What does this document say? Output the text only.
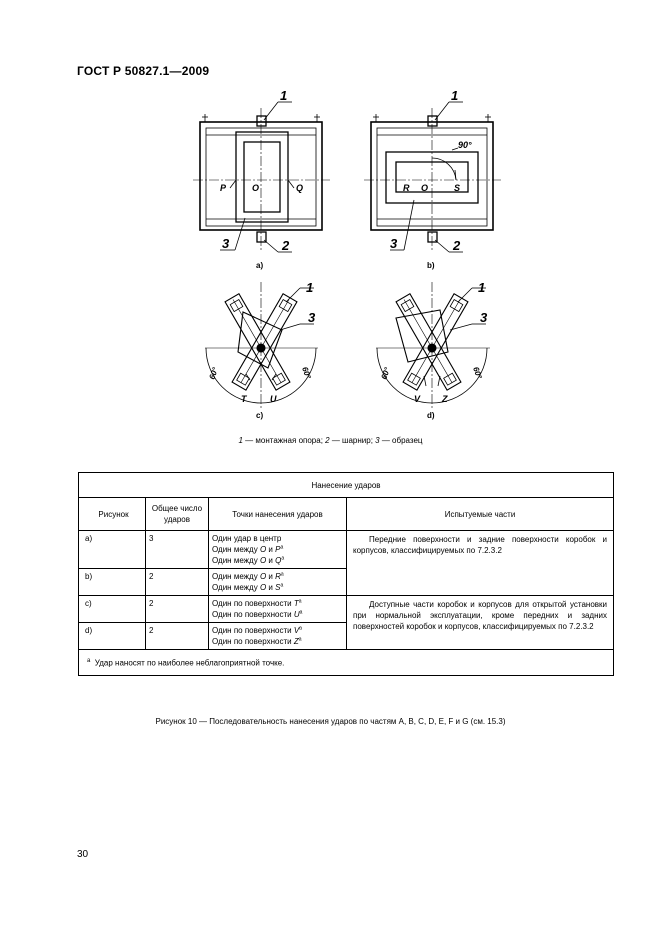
ГОСТ Р 50827.1—2009
1
3	2
P	O	Q
a)
1
3	2
90°
R O	S
b)
1
3
60°	60°
T	U
c)
1
3
60°	60°
V Z
d)
1 — монтажная опора; 2 — шарнир; 3 — образец
Нанесение ударов			
Рисунок	Общее число ударов	Точки нанесения ударов	Испытуемые части
a)	3	Один удар в центр
Один между O и $P^a$
Один между O и $Q^a$	Передние поверхности и задние поверхности коробок и корпусов, классифицируемых по 7.2.3.2
b)	2	Один между O и $R^a$
Один между O и $S^a$

c)	2	Один по поверхности $T^a$
Один по поверхности $U^a$	Доступные части коробок и корпусов для открытой установки при нормальной эксплуатации, кроме передних и задних поверхностей коробок и корпусов, классифицируемых по 7.2.3.2
d)	2	Один по поверхности $V^a$
Один по поверхности $Z^a$

$^a$ Удар наносят по наиболее неблагоприятной точке.			
Рисунок 10 — Последовательность нанесения ударов по частям A, B, C, D, E, F и G (см. 15.3)
30
